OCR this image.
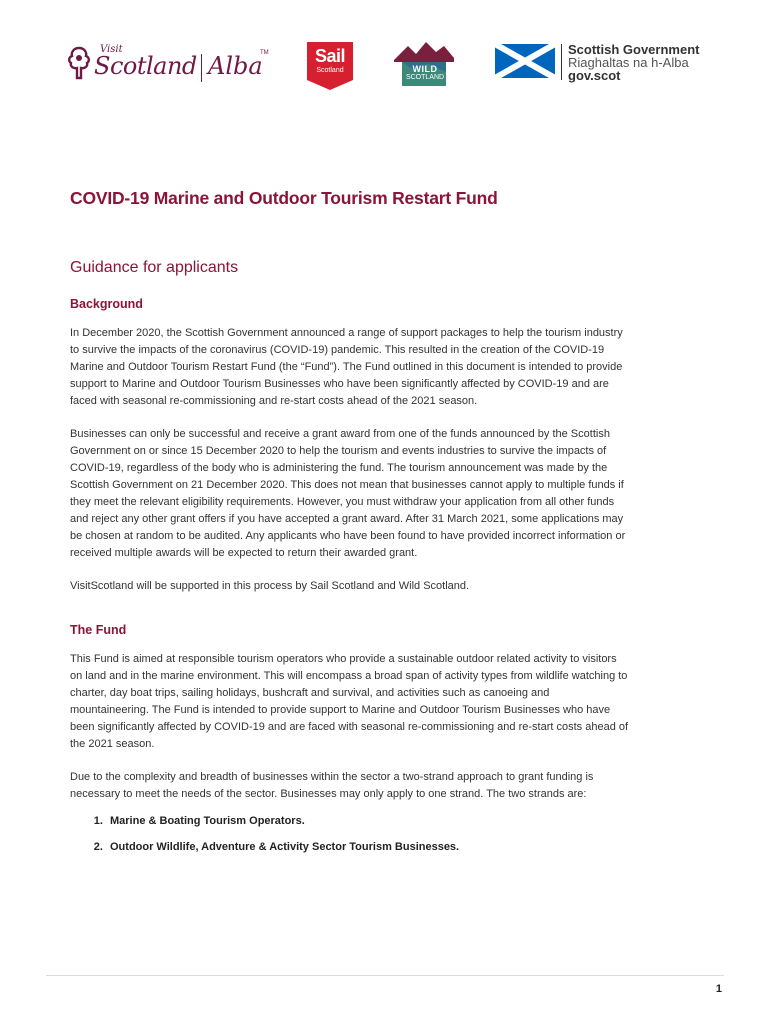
Visit
Scotland Alba
TM	Sail
Scotland	WILD
SCOTLAND
Scottish Government
Riaghaltas na h-Alba
gov.scot
COVID-19 Marine and Outdoor Tourism Restart Fund
Guidance for applicants
Background

In December 2020, the Scottish Government announced a range of support packages to help the tourism industry to survive the impacts of the coronavirus (COVID-19) pandemic. This resulted in the creation of the COVID-19 Marine and Outdoor Tourism Restart Fund (the “Fund”). The Fund outlined in this document is intended to provide support to Marine and Outdoor Tourism Businesses who have been significantly affected by COVID-19 and are faced with seasonal re-commissioning and re-start costs ahead of the 2021 season.

Businesses can only be successful and receive a grant award from one of the funds announced by the Scottish Government on or since 15 December 2020 to help the tourism and events industries to survive the impacts of COVID-19, regardless of the body who is administering the fund. The tourism announcement was made by the Scottish Government on 21 December 2020. This does not mean that businesses cannot apply to multiple funds if they meet the relevant eligibility requirements. However, you must withdraw your application from all other funds and reject any other grant offers if you have accepted a grant award. After 31 March 2021, some applications may be chosen at random to be audited. Any applicants who have been found to have provided incorrect information or received multiple awards will be expected to return their awarded grant.

VisitScotland will be supported in this process by Sail Scotland and Wild Scotland.

The Fund

This Fund is aimed at responsible tourism operators who provide a sustainable outdoor related activity to visitors on land and in the marine environment. This will encompass a broad span of activity types from wildlife watching to charter, day boat trips, sailing holidays, bushcraft and survival, and activities such as canoeing and mountaineering. The Fund is intended to provide support to Marine and Outdoor Tourism Businesses who have been significantly affected by COVID-19 and are faced with seasonal re-commissioning and re-start costs ahead of the 2021 season.

Due to the complexity and breadth of businesses within the sector a two-strand approach to grant funding is necessary to meet the needs of the sector. Businesses may only apply to one strand. The two strands are:

1. Marine & Boating Tourism Operators.
2. Outdoor Wildlife, Adventure & Activity Sector Tourism Businesses.
1
